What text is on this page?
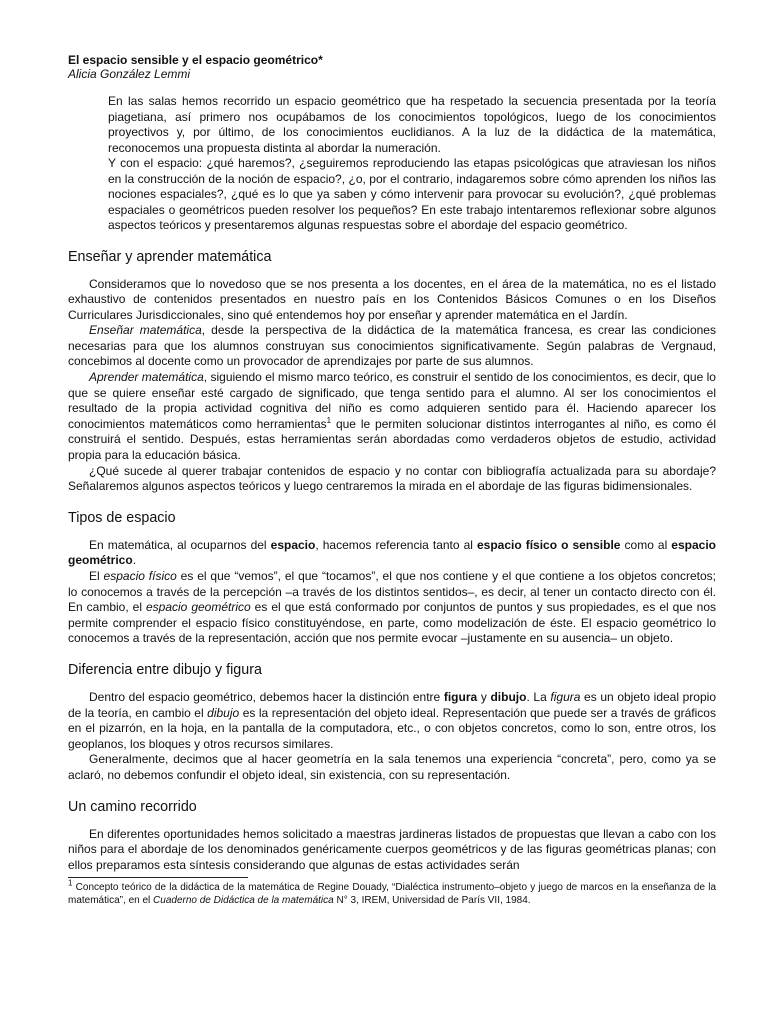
El espacio sensible y el espacio geométrico*

Alicia González Lemmi

En las salas hemos recorrido un espacio geométrico que ha respetado la secuencia presentada por la teoría piagetiana, así primero nos ocupábamos de los conocimientos topológicos, luego de los conocimientos proyectivos y, por último, de los conocimientos euclidianos. A la luz de la didáctica de la matemática, reconocemos una propuesta distinta al abordar la numeración.

Y con el espacio: ¿qué haremos?, ¿seguiremos reproduciendo las etapas psicológicas que atraviesan los niños en la construcción de la noción de espacio?, ¿o, por el contrario, indagaremos sobre cómo aprenden los niños las nociones espaciales?, ¿qué es lo que ya saben y cómo intervenir para provocar su evolución?, ¿qué problemas espaciales o geométricos pueden resolver los pequeños? En este trabajo intentaremos reflexionar sobre algunos aspectos teóricos y presentaremos algunas respuestas sobre el abordaje del espacio geométrico.

Enseñar y aprender matemática

Consideramos que lo novedoso que se nos presenta a los docentes, en el área de la matemática, no es el listado exhaustivo de contenidos presentados en nuestro país en los Contenidos Básicos Comunes o en los Diseños Curriculares Jurisdiccionales, sino qué entendemos hoy por enseñar y aprender matemática en el Jardín.

Enseñar matemática, desde la perspectiva de la didáctica de la matemática francesa, es crear las condiciones necesarias para que los alumnos construyan sus conocimientos significativamente. Según palabras de Vergnaud, concebimos al docente como un provocador de aprendizajes por parte de sus alumnos.

Aprender matemática, siguiendo el mismo marco teórico, es construir el sentido de los conocimientos, es decir, que lo que se quiere enseñar esté cargado de significado, que tenga sentido para el alumno. Al ser los conocimientos el resultado de la propia actividad cognitiva del niño es como adquieren sentido para él. Haciendo aparecer los conocimientos matemáticos como herramientas$^1$ que le permiten solucionar distintos interrogantes al niño, es como él construirá el sentido. Después, estas herramientas serán abordadas como verdaderos objetos de estudio, actividad propia para la educación básica.

¿Qué sucede al querer trabajar contenidos de espacio y no contar con bibliografía actualizada para su abordaje? Señalaremos algunos aspectos teóricos y luego centraremos la mirada en el abordaje de las figuras bidimensionales.

Tipos de espacio

En matemática, al ocuparnos del espacio, hacemos referencia tanto al espacio físico o sensible como al espacio geométrico.

El espacio físico es el que “vemos”, el que “tocamos”, el que nos contiene y el que contiene a los objetos concretos; lo conocemos a través de la percepción –a través de los distintos sentidos–, es decir, al tener un contacto directo con él. En cambio, el espacio geométrico es el que está conformado por conjuntos de puntos y sus propiedades, es el que nos permite comprender el espacio físico constituyéndose, en parte, como modelización de éste. El espacio geométrico lo conocemos a través de la representación, acción que nos permite evocar –justamente en su ausencia– un objeto.

Diferencia entre dibujo y figura

Dentro del espacio geométrico, debemos hacer la distinción entre figura y dibujo. La figura es un objeto ideal propio de la teoría, en cambio el dibujo es la representación del objeto ideal. Representación que puede ser a través de gráficos en el pizarrón, en la hoja, en la pantalla de la computadora, etc., o con objetos concretos, como lo son, entre otros, los geoplanos, los bloques y otros recursos similares.

Generalmente, decimos que al hacer geometría en la sala tenemos una experiencia “concreta”, pero, como ya se aclaró, no debemos confundir el objeto ideal, sin existencia, con su representación.

Un camino recorrido

En diferentes oportunidades hemos solicitado a maestras jardineras listados de propuestas que llevan a cabo con los niños para el abordaje de los denominados genéricamente cuerpos geométricos y de las figuras geométricas planas; con ellos preparamos esta síntesis considerando que algunas de estas actividades serán

$^1$ Concepto teórico de la didáctica de la matemática de Regine Douady, “Dialéctica instrumento–objeto y juego de marcos en la enseñanza de la matemática”, en el Cuaderno de Didáctica de la matemática N° 3, IREM, Universidad de París VII, 1984.
